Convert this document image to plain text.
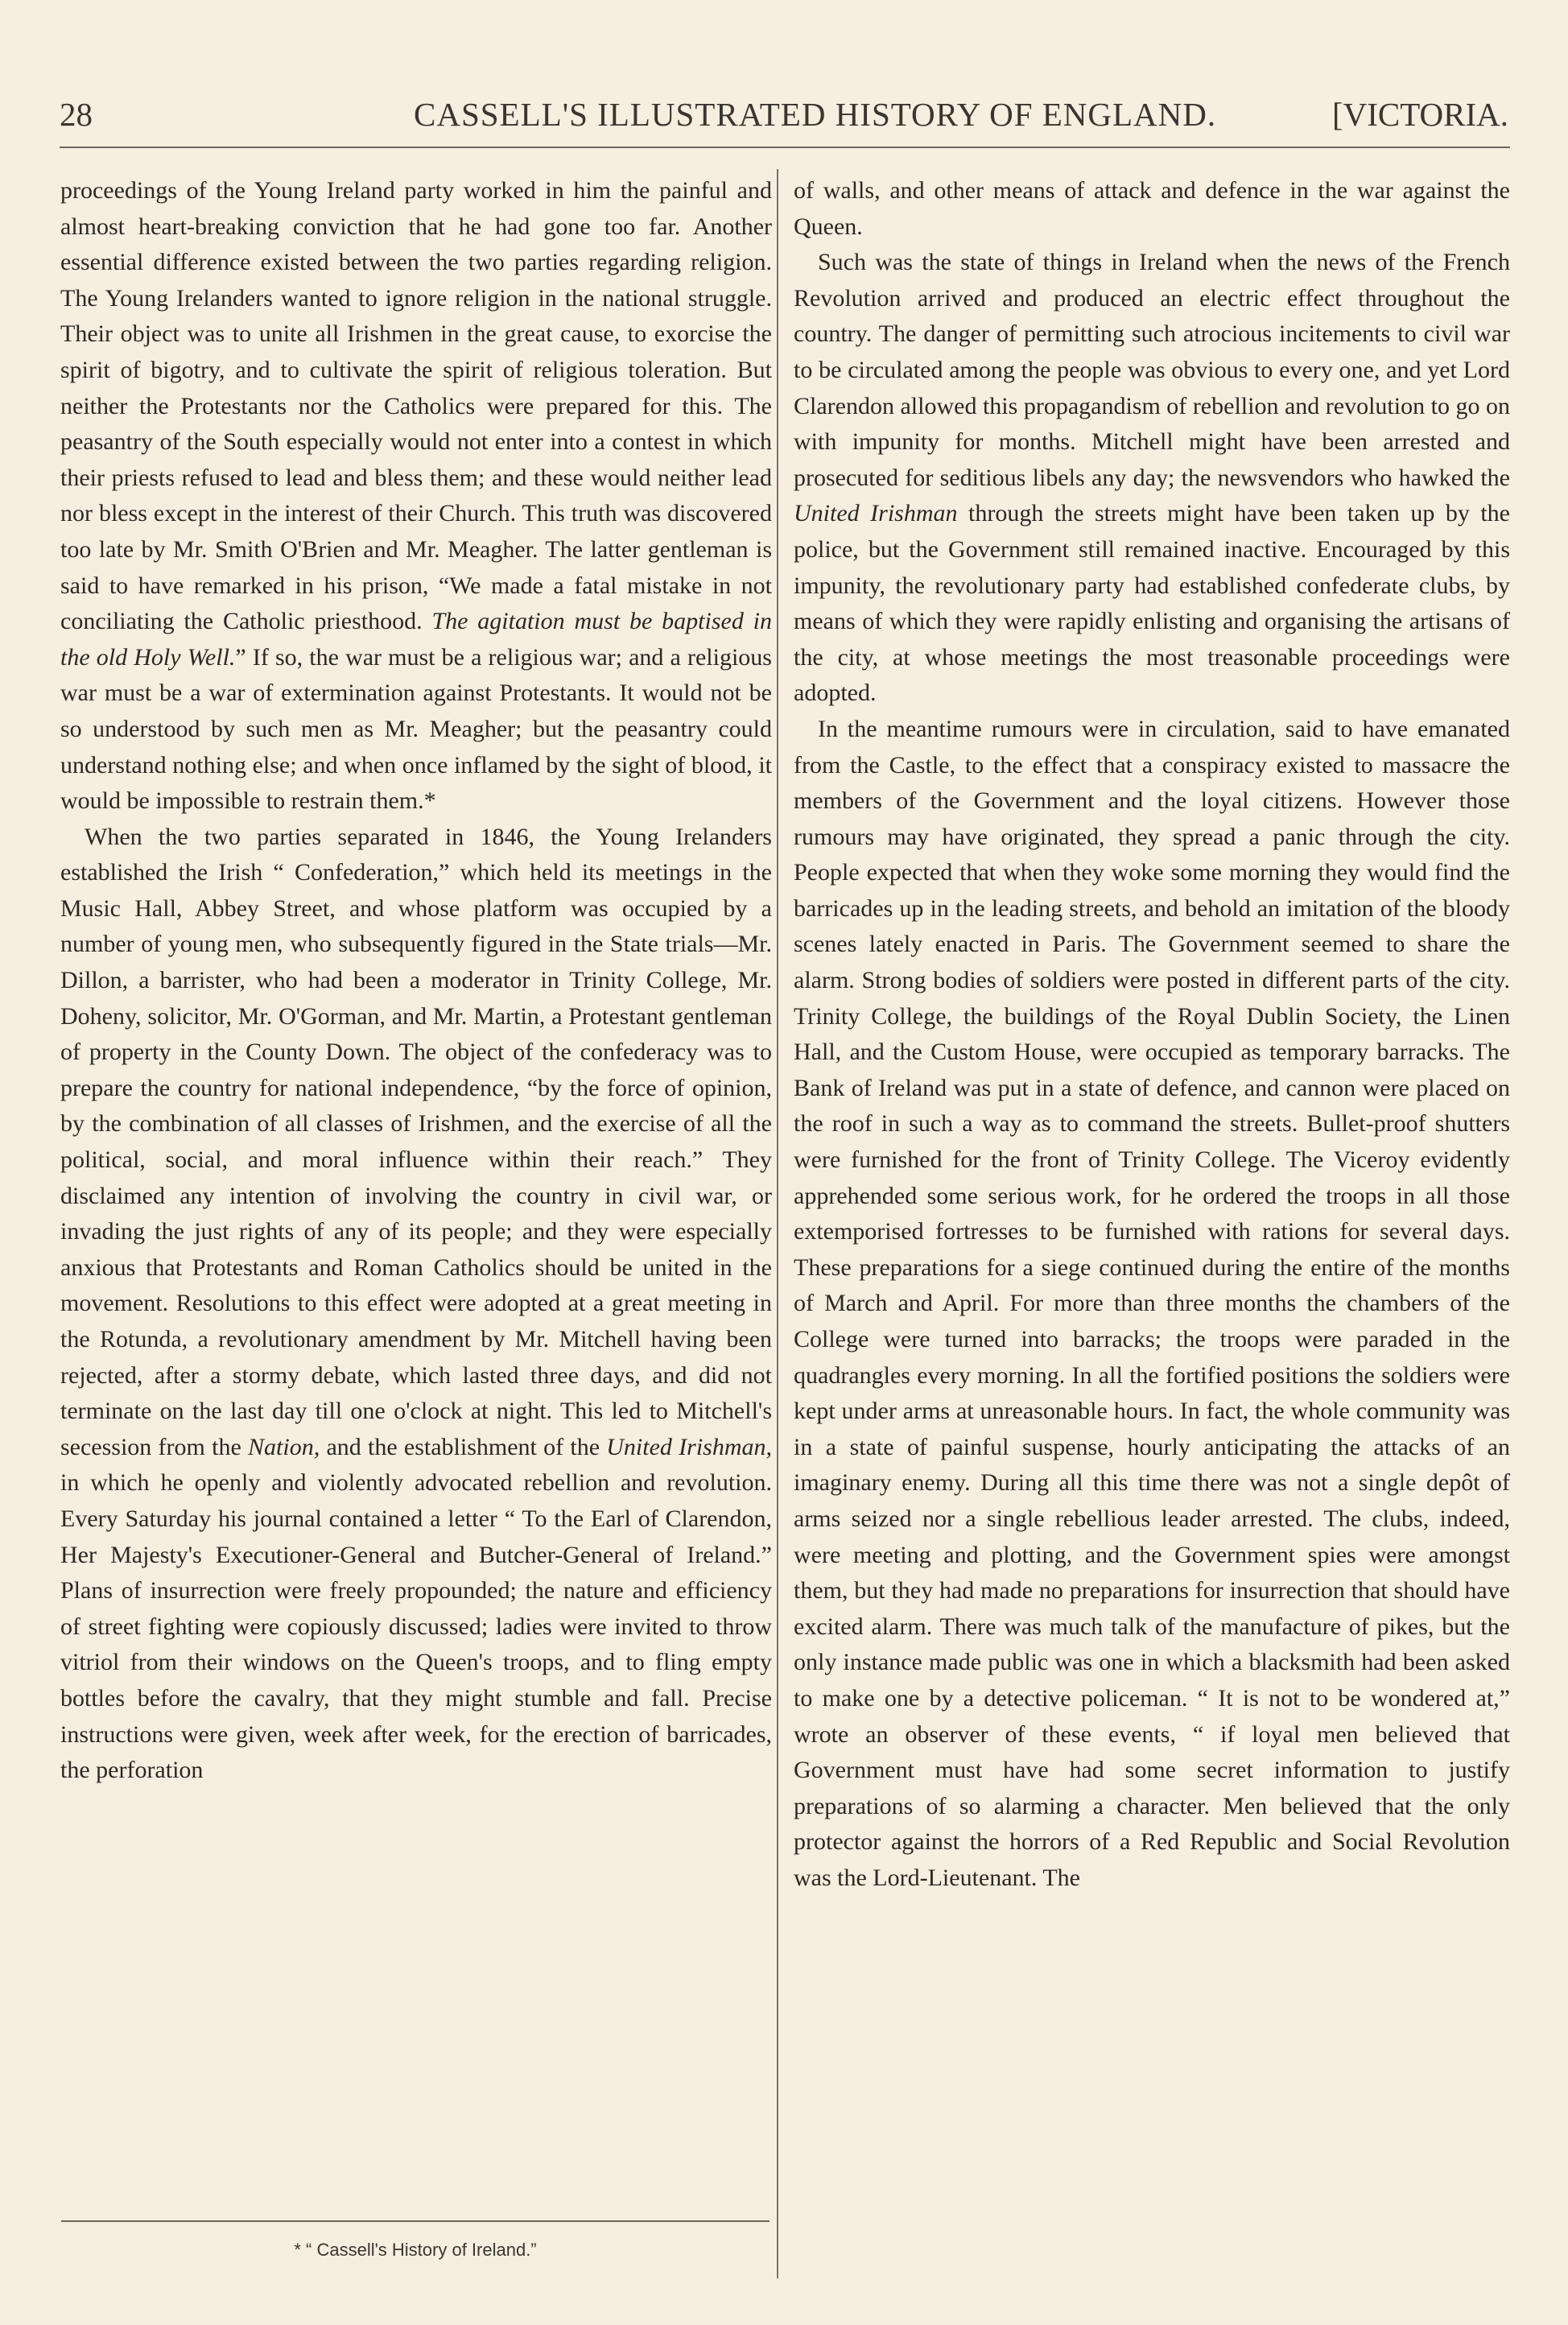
28	CASSELL'S ILLUSTRATED HISTORY OF ENGLAND.	[VICTORIA.

proceedings of the Young Ireland party worked in him the painful and almost heart-breaking conviction that he had gone too far. Another essential difference existed between the two parties regarding religion. The Young Irelanders wanted to ignore religion in the national struggle. Their object was to unite all Irishmen in the great cause, to exorcise the spirit of bigotry, and to cultivate the spirit of religious toleration. But neither the Protestants nor the Catholics were prepared for this. The peasantry of the South especially would not enter into a contest in which their priests refused to lead and bless them; and these would neither lead nor bless except in the interest of their Church. This truth was discovered too late by Mr. Smith O'Brien and Mr. Meagher. The latter gentleman is said to have remarked in his prison, “We made a fatal mistake in not conciliating the Catholic priesthood. The agitation must be baptised in the old Holy Well.” If so, the war must be a religious war; and a religious war must be a war of extermination against Protestants. It would not be so understood by such men as Mr. Meagher; but the peasantry could understand nothing else; and when once inflamed by the sight of blood, it would be impossible to restrain them.*

When the two parties separated in 1846, the Young Irelanders established the Irish “ Confederation,” which held its meetings in the Music Hall, Abbey Street, and whose platform was occupied by a number of young men, who subsequently figured in the State trials—Mr. Dillon, a barrister, who had been a moderator in Trinity College, Mr. Doheny, solicitor, Mr. O'Gorman, and Mr. Martin, a Protestant gentleman of property in the County Down. The object of the confederacy was to prepare the country for national independence, “by the force of opinion, by the combination of all classes of Irishmen, and the exercise of all the political, social, and moral influence within their reach.” They disclaimed any intention of involving the country in civil war, or invading the just rights of any of its people; and they were especially anxious that Protestants and Roman Catholics should be united in the movement. Resolutions to this effect were adopted at a great meeting in the Rotunda, a revolutionary amendment by Mr. Mitchell having been rejected, after a stormy debate, which lasted three days, and did not terminate on the last day till one o'clock at night. This led to Mitchell's secession from the Nation, and the establishment of the United Irishman, in which he openly and violently advocated rebellion and revolution. Every Saturday his journal contained a letter “ To the Earl of Clarendon, Her Majesty's Executioner-General and Butcher-General of Ireland.” Plans of insurrection were freely propounded; the nature and efficiency of street fighting were copiously discussed; ladies were invited to throw vitriol from their windows on the Queen's troops, and to fling empty bottles before the cavalry, that they might stumble and fall. Precise instructions were given, week after week, for the erection of barricades, the perforation

of walls, and other means of attack and defence in the war against the Queen.

Such was the state of things in Ireland when the news of the French Revolution arrived and produced an electric effect throughout the country. The danger of permitting such atrocious incitements to civil war to be circulated among the people was obvious to every one, and yet Lord Clarendon allowed this propagandism of rebellion and revolution to go on with impunity for months. Mitchell might have been arrested and prosecuted for seditious libels any day; the newsvendors who hawked the United Irishman through the streets might have been taken up by the police, but the Government still remained inactive. Encouraged by this impunity, the revolutionary party had established confederate clubs, by means of which they were rapidly enlisting and organising the artisans of the city, at whose meetings the most treasonable proceedings were adopted.

In the meantime rumours were in circulation, said to have emanated from the Castle, to the effect that a conspiracy existed to massacre the members of the Government and the loyal citizens. However those rumours may have originated, they spread a panic through the city. People expected that when they woke some morning they would find the barricades up in the leading streets, and behold an imitation of the bloody scenes lately enacted in Paris. The Government seemed to share the alarm. Strong bodies of soldiers were posted in different parts of the city. Trinity College, the buildings of the Royal Dublin Society, the Linen Hall, and the Custom House, were occupied as temporary barracks. The Bank of Ireland was put in a state of defence, and cannon were placed on the roof in such a way as to command the streets. Bullet-proof shutters were furnished for the front of Trinity College. The Viceroy evidently apprehended some serious work, for he ordered the troops in all those extemporised fortresses to be furnished with rations for several days. These preparations for a siege continued during the entire of the months of March and April. For more than three months the chambers of the College were turned into barracks; the troops were paraded in the quadrangles every morning. In all the fortified positions the soldiers were kept under arms at unreasonable hours. In fact, the whole community was in a state of painful suspense, hourly anticipating the attacks of an imaginary enemy. During all this time there was not a single depôt of arms seized nor a single rebellious leader arrested. The clubs, indeed, were meeting and plotting, and the Government spies were amongst them, but they had made no preparations for insurrection that should have excited alarm. There was much talk of the manufacture of pikes, but the only instance made public was one in which a blacksmith had been asked to make one by a detective policeman. “ It is not to be wondered at,” wrote an observer of these events, “ if loyal men believed that Government must have had some secret information to justify preparations of so alarming a character. Men believed that the only protector against the horrors of a Red Republic and Social Revolution was the Lord-Lieutenant. The

* “ Cassell's History of Ireland.”
